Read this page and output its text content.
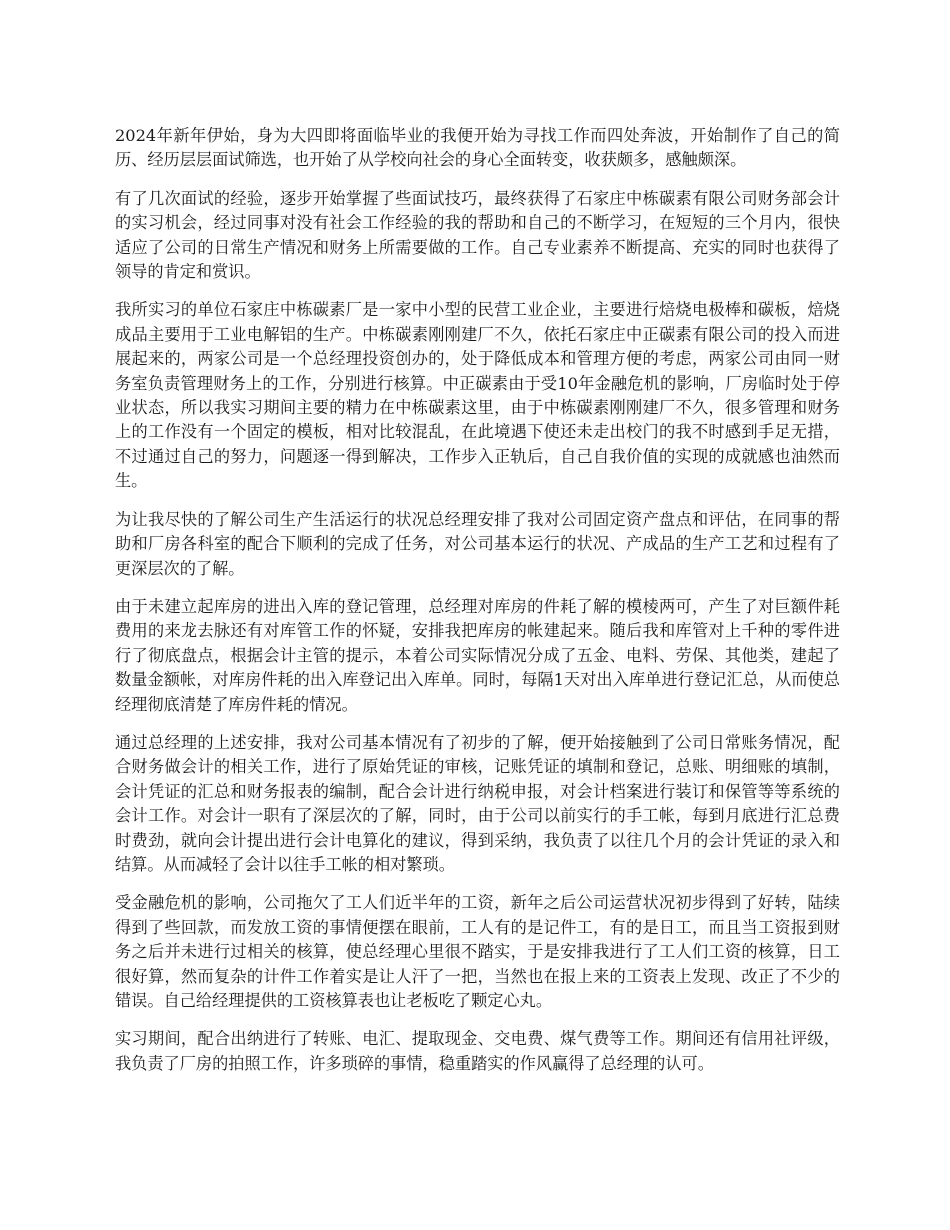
2024年新年伊始，身为大四即将面临毕业的我便开始为寻找工作而四处奔波，开始制作了自己的简历、经历层层面试筛选，也开始了从学校向社会的身心全面转变，收获颇多，感触颇深。

有了几次面试的经验，逐步开始掌握了些面试技巧，最终获得了石家庄中栋碳素有限公司财务部会计的实习机会，经过同事对没有社会工作经验的我的帮助和自己的不断学习，在短短的三个月内，很快适应了公司的日常生产情况和财务上所需要做的工作。自己专业素养不断提高、充实的同时也获得了领导的肯定和赏识。

我所实习的单位石家庄中栋碳素厂是一家中小型的民营工业企业，主要进行焙烧电极棒和碳板，焙烧成品主要用于工业电解铝的生产。中栋碳素刚刚建厂不久，依托石家庄中正碳素有限公司的投入而进展起来的，两家公司是一个总经理投资创办的，处于降低成本和管理方便的考虑，两家公司由同一财务室负责管理财务上的工作，分别进行核算。中正碳素由于受10年金融危机的影响，厂房临时处于停业状态，所以我实习期间主要的精力在中栋碳素这里，由于中栋碳素刚刚建厂不久，很多管理和财务上的工作没有一个固定的模板，相对比较混乱，在此境遇下使还未走出校门的我不时感到手足无措，不过通过自己的努力，问题逐一得到解决，工作步入正轨后，自己自我价值的实现的成就感也油然而生。

为让我尽快的了解公司生产生活运行的状况总经理安排了我对公司固定资产盘点和评估，在同事的帮助和厂房各科室的配合下顺利的完成了任务，对公司基本运行的状况、产成品的生产工艺和过程有了更深层次的了解。

由于未建立起库房的进出入库的登记管理，总经理对库房的件耗了解的模棱两可，产生了对巨额件耗费用的来龙去脉还有对库管工作的怀疑，安排我把库房的帐建起来。随后我和库管对上千种的零件进行了彻底盘点，根据会计主管的提示，本着公司实际情况分成了五金、电料、劳保、其他类，建起了数量金额帐，对库房件耗的出入库登记出入库单。同时，每隔1天对出入库单进行登记汇总，从而使总经理彻底清楚了库房件耗的情况。

通过总经理的上述安排，我对公司基本情况有了初步的了解，便开始接触到了公司日常账务情况，配合财务做会计的相关工作，进行了原始凭证的审核，记账凭证的填制和登记，总账、明细账的填制，会计凭证的汇总和财务报表的编制，配合会计进行纳税申报，对会计档案进行装订和保管等等系统的会计工作。对会计一职有了深层次的了解，同时，由于公司以前实行的手工帐，每到月底进行汇总费时费劲，就向会计提出进行会计电算化的建议，得到采纳，我负责了以往几个月的会计凭证的录入和结算。从而减轻了会计以往手工帐的相对繁琐。

受金融危机的影响，公司拖欠了工人们近半年的工资，新年之后公司运营状况初步得到了好转，陆续得到了些回款，而发放工资的事情便摆在眼前，工人有的是记件工，有的是日工，而且当工资报到财务之后并未进行过相关的核算，使总经理心里很不踏实，于是安排我进行了工人们工资的核算，日工很好算，然而复杂的计件工作着实是让人汗了一把，当然也在报上来的工资表上发现、改正了不少的错误。自己给经理提供的工资核算表也让老板吃了颗定心丸。

实习期间，配合出纳进行了转账、电汇、提取现金、交电费、煤气费等工作。期间还有信用社评级，我负责了厂房的拍照工作，许多琐碎的事情，稳重踏实的作风赢得了总经理的认可。
